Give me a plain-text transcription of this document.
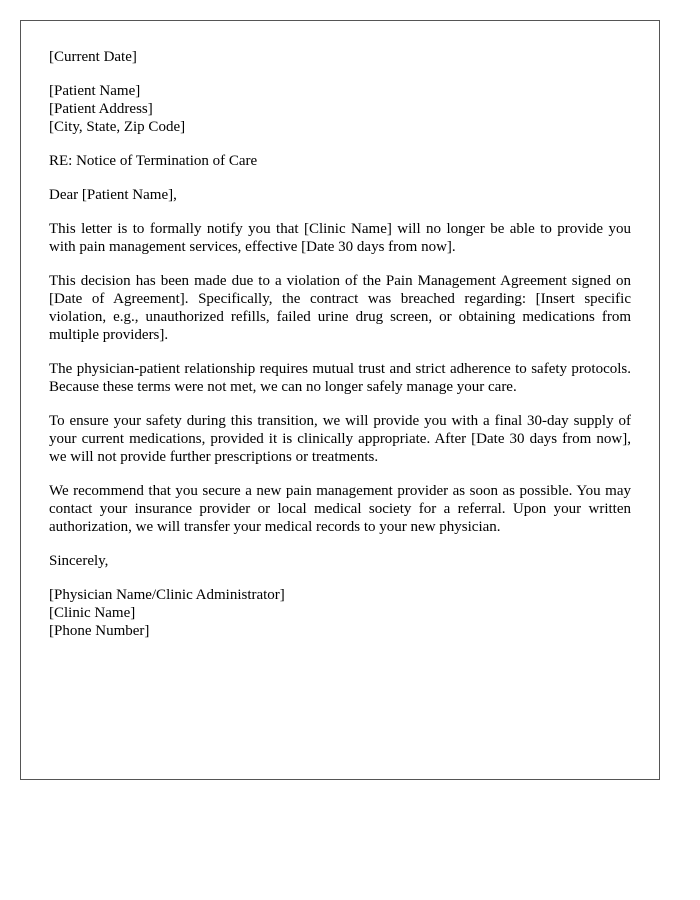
[Current Date]
[Patient Name]
[Patient Address]
[City, State, Zip Code]
RE: Notice of Termination of Care
Dear [Patient Name],

This letter is to formally notify you that [Clinic Name] will no longer be able to provide you with pain management services, effective [Date 30 days from now].

This decision has been made due to a violation of the Pain Management Agreement signed on [Date of Agreement]. Specifically, the contract was breached regarding: [Insert specific violation, e.g., unauthorized refills, failed urine drug screen, or obtaining medications from multiple providers].

The physician-patient relationship requires mutual trust and strict adherence to safety protocols. Because these terms were not met, we can no longer safely manage your care.

To ensure your safety during this transition, we will provide you with a final 30-day supply of your current medications, provided it is clinically appropriate. After [Date 30 days from now], we will not provide further prescriptions or treatments.

We recommend that you secure a new pain management provider as soon as possible. You may contact your insurance provider or local medical society for a referral. Upon your written authorization, we will transfer your medical records to your new physician.

Sincerely,
[Physician Name/Clinic Administrator]
[Clinic Name]
[Phone Number]
